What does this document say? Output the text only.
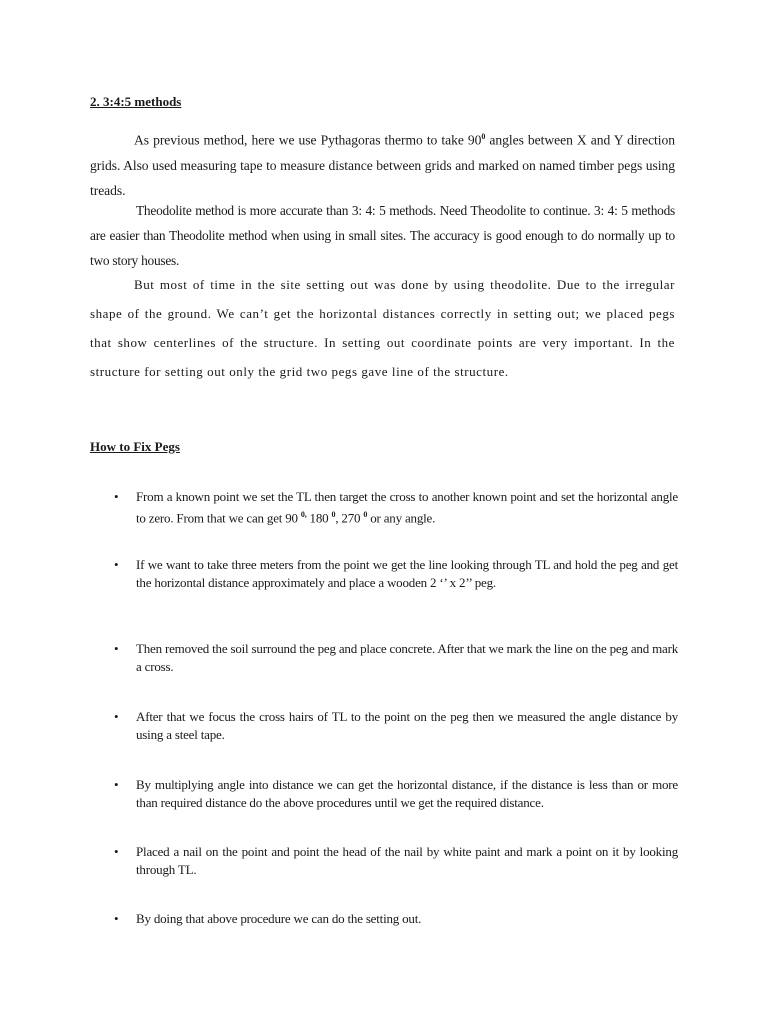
2. 3:4:5 methods
As previous method, here we use Pythagoras thermo to take $90^0$ angles between X and Y direction grids. Also used measuring tape to measure distance between grids and marked on named timber pegs using treads.
Theodolite method is more accurate than 3: 4: 5 methods. Need Theodolite to continue. 3: 4: 5 methods are easier than Theodolite method when using in small sites. The accuracy is good enough to do normally up to two story houses.
But most of time in the site setting out was done by using theodolite. Due to the irregular shape of the ground. We can’t get the horizontal distances correctly in setting out; we placed pegs that show centerlines of the structure. In setting out coordinate points are very important. In the structure for setting out only the grid two pegs gave line of the structure.
How to Fix Pegs
•	From a known point we set the TL then target the cross to another known point and set the horizontal angle to zero. From that we can get 90 $^{0,}$ 180 $^0$, 270 $^0$ or any angle.
•	If we want to take three meters from the point we get the line looking through TL and hold the peg and get the horizontal distance approximately and place a wooden 2 ‘’ x 2’’ peg.
•	Then removed the soil surround the peg and place concrete. After that we mark the line on the peg and mark a cross.
•	After that we focus the cross hairs of TL to the point on the peg then we measured the angle distance by using a steel tape.
•	By multiplying angle into distance we can get the horizontal distance, if the distance is less than or more than required distance do the above procedures until we get the required distance.
•	Placed a nail on the point and point the head of the nail by white paint and mark a point on it by looking through TL.
•	By doing that above procedure we can do the setting out.
